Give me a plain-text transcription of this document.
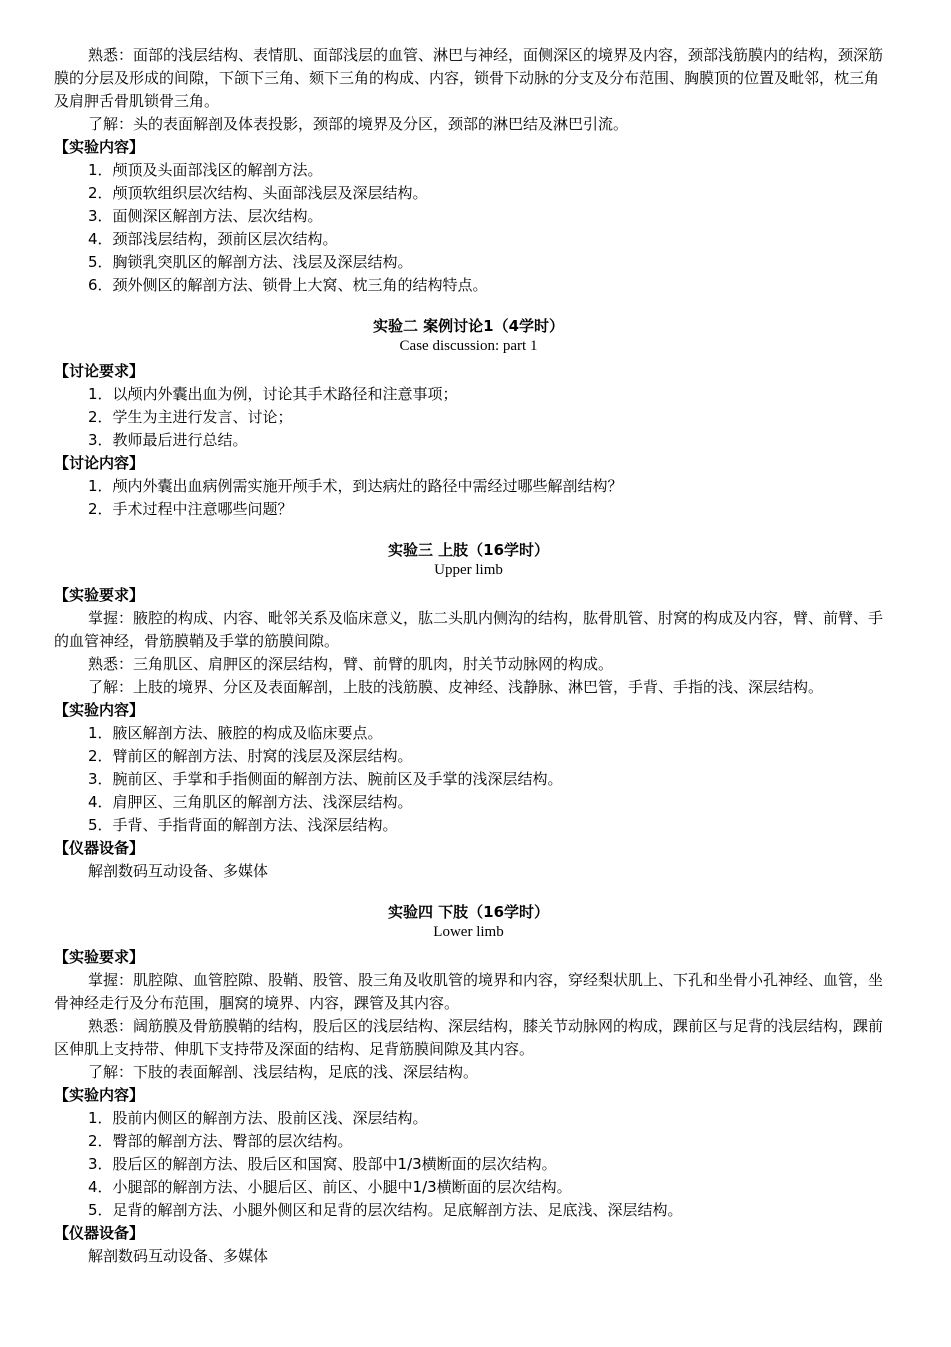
熟悉：面部的浅层结构、表情肌、面部浅层的血管、淋巴与神经，面侧深区的境界及内容，颈部浅筋膜内的结构，颈深筋膜的分层及形成的间隙，下颌下三角、颏下三角的构成、内容，锁骨下动脉的分支及分布范围、胸膜顶的位置及毗邻，枕三角及肩胛舌骨肌锁骨三角。

了解：头的表面解剖及体表投影，颈部的境界及分区，颈部的淋巴结及淋巴引流。

【实验内容】

1．颅顶及头面部浅区的解剖方法。

2．颅顶软组织层次结构、头面部浅层及深层结构。

3．面侧深区解剖方法、层次结构。

4．颈部浅层结构，颈前区层次结构。

5．胸锁乳突肌区的解剖方法、浅层及深层结构。

6．颈外侧区的解剖方法、锁骨上大窝、枕三角的结构特点。

实验二 案例讨论1（4学时）

Case discussion: part 1

【讨论要求】

1．以颅内外囊出血为例，讨论其手术路径和注意事项；

2．学生为主进行发言、讨论；

3．教师最后进行总结。

【讨论内容】

1．颅内外囊出血病例需实施开颅手术，到达病灶的路径中需经过哪些解剖结构？

2．手术过程中注意哪些问题？

实验三 上肢（16学时）

Upper limb

【实验要求】

掌握：腋腔的构成、内容、毗邻关系及临床意义，肱二头肌内侧沟的结构，肱骨肌管、肘窝的构成及内容，臂、前臂、手的血管神经，骨筋膜鞘及手掌的筋膜间隙。

熟悉：三角肌区、肩胛区的深层结构，臂、前臂的肌肉，肘关节动脉网的构成。

了解：上肢的境界、分区及表面解剖，上肢的浅筋膜、皮神经、浅静脉、淋巴管，手背、手指的浅、深层结构。

【实验内容】

1．腋区解剖方法、腋腔的构成及临床要点。

2．臂前区的解剖方法、肘窝的浅层及深层结构。

3．腕前区、手掌和手指侧面的解剖方法、腕前区及手掌的浅深层结构。

4．肩胛区、三角肌区的解剖方法、浅深层结构。

5．手背、手指背面的解剖方法、浅深层结构。

【仪器设备】

解剖数码互动设备、多媒体

实验四 下肢（16学时）

Lower limb

【实验要求】

掌握：肌腔隙、血管腔隙、股鞘、股管、股三角及收肌管的境界和内容，穿经梨状肌上、下孔和坐骨小孔神经、血管，坐骨神经走行及分布范围，腘窝的境界、内容，踝管及其内容。

熟悉：阔筋膜及骨筋膜鞘的结构，股后区的浅层结构、深层结构，膝关节动脉网的构成，踝前区与足背的浅层结构，踝前区伸肌上支持带、伸肌下支持带及深面的结构、足背筋膜间隙及其内容。

了解：下肢的表面解剖、浅层结构，足底的浅、深层结构。

【实验内容】

1．股前内侧区的解剖方法、股前区浅、深层结构。

2．臀部的解剖方法、臀部的层次结构。

3．股后区的解剖方法、股后区和国窝、股部中1/3横断面的层次结构。

4．小腿部的解剖方法、小腿后区、前区、小腿中1/3横断面的层次结构。

5．足背的解剖方法、小腿外侧区和足背的层次结构。足底解剖方法、足底浅、深层结构。

【仪器设备】

解剖数码互动设备、多媒体
